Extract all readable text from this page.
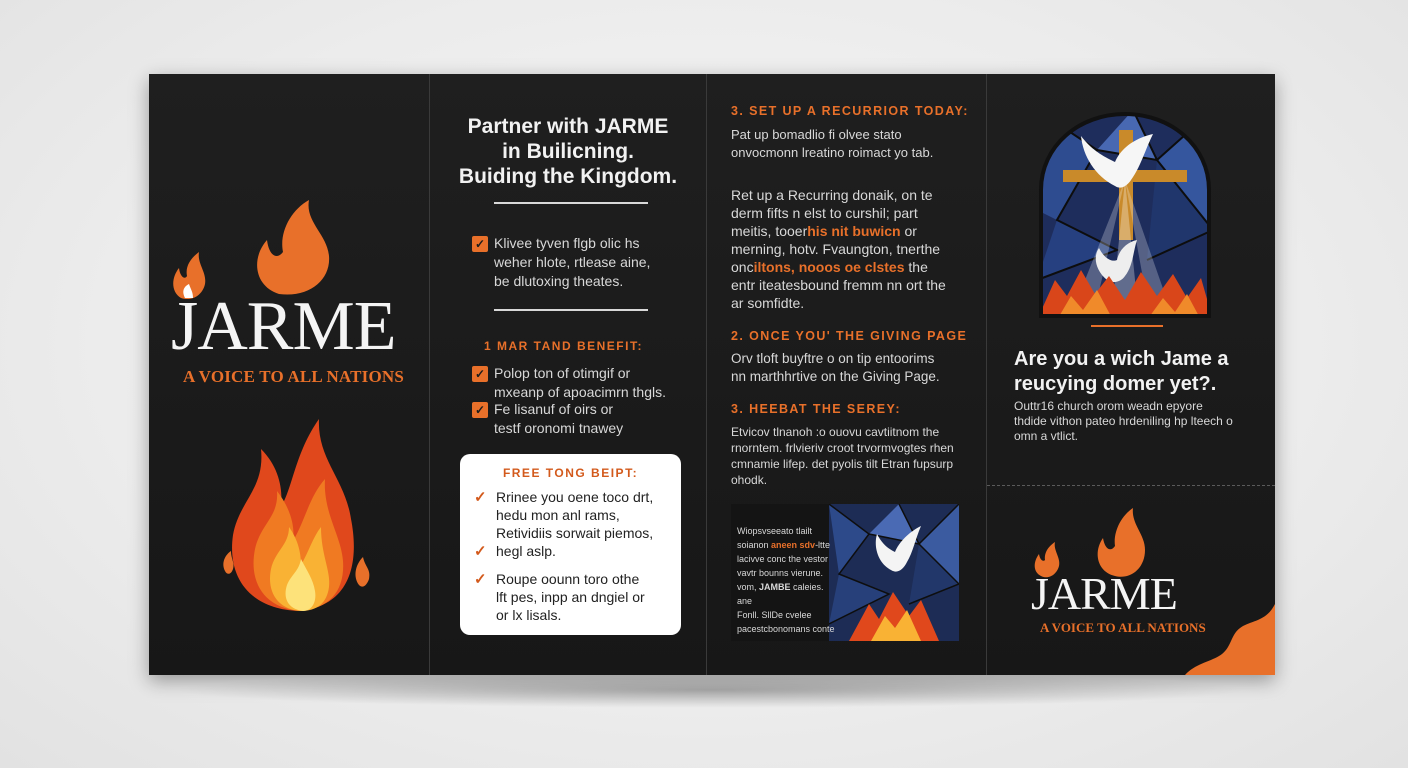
JARME
A VOICE TO ALL NATIONS
Partner with JARME
in Builicning.
Buiding the Kingdom.
✓ Klivee tyven flgb olic hs
weher hlote, rtlease aine,
be dlutoxing theates.
1 MAR TAND BENEFIT:
✓ Polop ton of otimgif or
mxeanp of apoacimrn thgls.
✓ Fe lisanuf of oirs or
testf oronomi tnawey
FREE TONG BEIPT:
✓ Rrinee you oene toco drt,
hedu mon anl rams,
✓
Retividiis sorwait piemos,
hegl aslp.
✓ Roupe oounn toro othe
lft pes, inpp an dngiel or
or lx lisals.
3. SET UP A RECURRIOR TODAY:
Pat up bomadlio fi olvee stato
onvocmonn lreatino roimact yo tab.
Ret up a Recurring donaik, on te
derm fifts n elst to curshil; part
meitis, tooerhis nit buwicn or
merning, hotv. Fvaungton, tnerthe
onciltons, nooos oe clstes the
entr iteatesbound fremm nn ort the
ar somfidte.
2. ONCE YOU' THE GIVING PAGE
Orv tloft buyftre o on tip entoorims
nn marthhrtive on the Giving Page.
3. HEEBAT THE SEREY:
Etvicov tlnanoh :o ouovu cavtiitnom the
rnorntem. frlvieriv croot trvormvogtes rhen
cmnamie lifep. det pyolis tilt Etran fupsurp ohodk.
Wiopsvseeato tlailt
soianon aneen sdv-ltte
lacivve conc the vestor
vavtr bounns vierune.
vom, JAMBE caleies. ane
Fonll. SllDe cvelee
pacestcbonomans conte
Are you a wich Jame a
reucying domer yet?.
Outtr16 church orom weadn epyore
thdide vithon pateo hrdeniling hp lteech o
omn a vtlict.
JARME
A VOICE TO ALL NATIONS
